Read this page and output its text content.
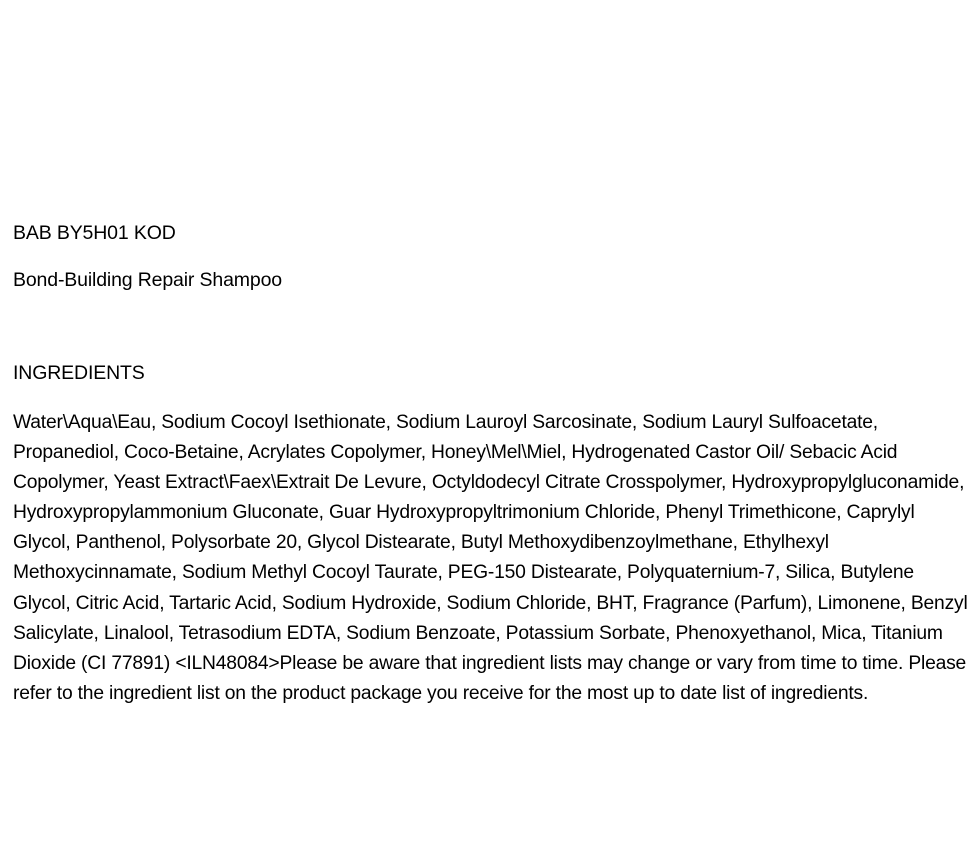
BAB BY5H01 KOD
Bond-Building Repair Shampoo
INGREDIENTS
Water\Aqua\Eau, Sodium Cocoyl Isethionate, Sodium Lauroyl Sarcosinate, Sodium Lauryl Sulfoacetate, Propanediol, Coco-Betaine, Acrylates Copolymer, Honey\Mel\Miel, Hydrogenated Castor Oil/ Sebacic Acid Copolymer, Yeast Extract\Faex\Extrait De Levure, Octyldodecyl Citrate Crosspolymer, Hydroxypropylgluconamide, Hydroxypropylammonium Gluconate, Guar Hydroxypropyltrimonium Chloride, Phenyl Trimethicone, Caprylyl Glycol, Panthenol, Polysorbate 20, Glycol Distearate, Butyl Methoxydibenzoylmethane, Ethylhexyl Methoxycinnamate, Sodium Methyl Cocoyl Taurate, PEG-150 Distearate, Polyquaternium-7, Silica, Butylene Glycol, Citric Acid, Tartaric Acid, Sodium Hydroxide, Sodium Chloride, BHT, Fragrance (Parfum), Limonene, Benzyl Salicylate, Linalool, Tetrasodium EDTA, Sodium Benzoate, Potassium Sorbate, Phenoxyethanol, Mica, Titanium Dioxide (CI 77891) <ILN48084>Please be aware that ingredient lists may change or vary from time to time. Please refer to the ingredient list on the product package you receive for the most up to date list of ingredients.
